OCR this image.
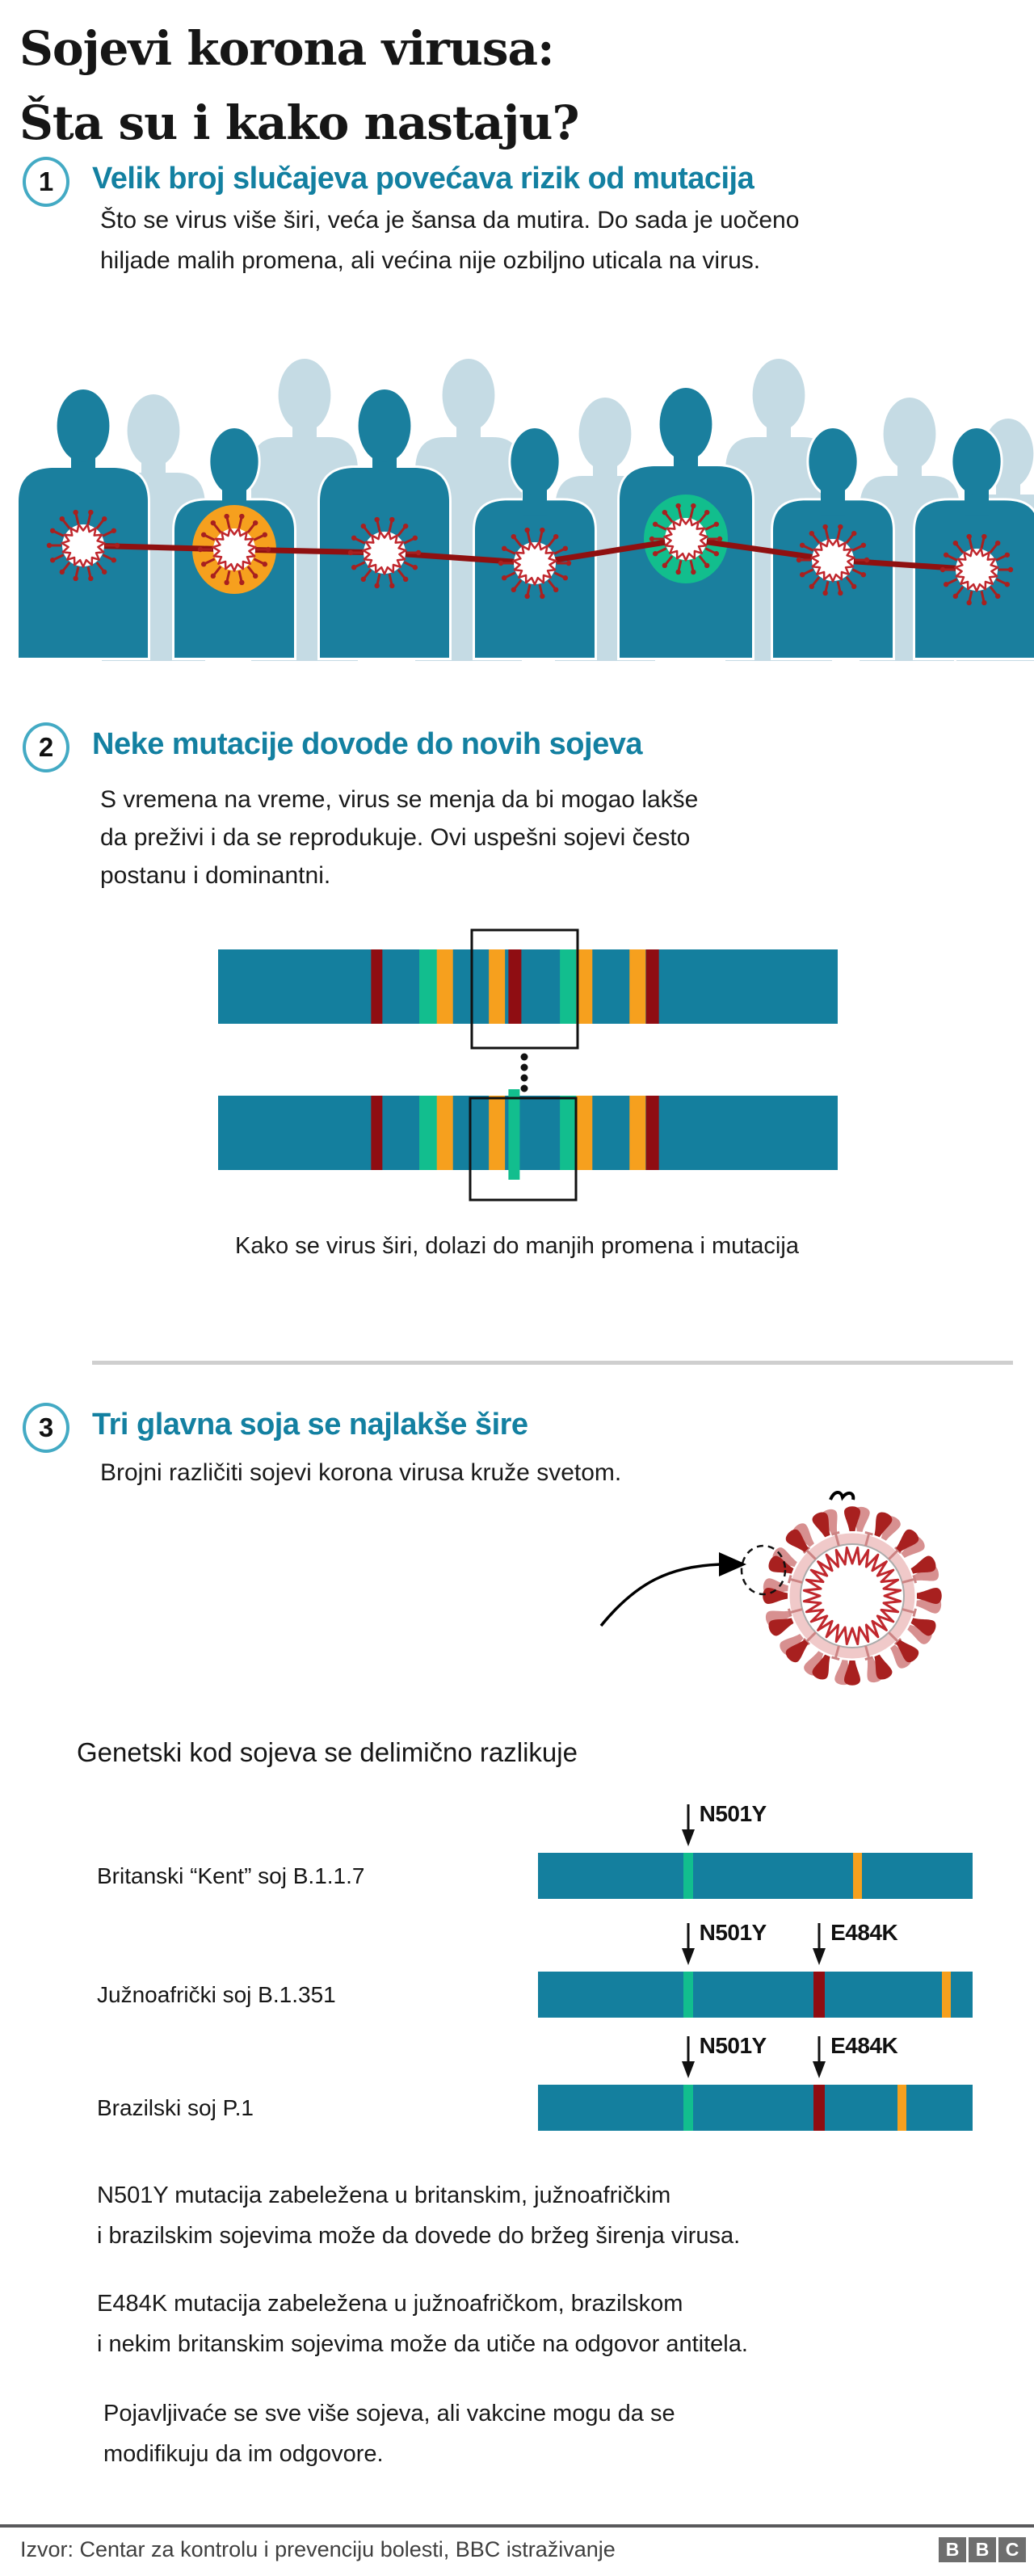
Sojevi korona virusa:
Šta su i kako nastaju?
1 Velik broj slučajeva povećava rizik od mutacija
Što se virus više širi, veća je šansa da mutira. Do sada je uočeno
hiljade malih promena, ali većina nije ozbiljno uticala na virus.
2 Neke mutacije dovode do novih sojeva
S vremena na vreme, virus se menja da bi mogao lakše
da preživi i da se reprodukuje. Ovi uspešni sojevi često
postanu i dominantni.
Kako se virus širi, dolazi do manjih promena i mutacija
3 Tri glavna soja se najlakše šire
Brojni različiti sojevi korona virusa kruže svetom.
Genetski kod sojeva se delimično razlikuje
N501Y
Britanski “Kent” soj B.1.1.7
N501Y	E484K
Južnoafrički soj B.1.351
N501Y	E484K
Brazilski soj P.1
N501Y mutacija zabeležena u britanskim, južnoafričkim
i brazilskim sojevima može da dovede do bržeg širenja virusa.
E484K mutacija zabeležena u južnoafričkom, brazilskom
i nekim britanskim sojevima može da utiče na odgovor antitela.
Pojavljivaće se sve više sojeva, ali vakcine mogu da se
modifikuju da im odgovore.
Izvor: Centar za kontrolu i prevenciju bolesti, BBC istraživanje	B B C
